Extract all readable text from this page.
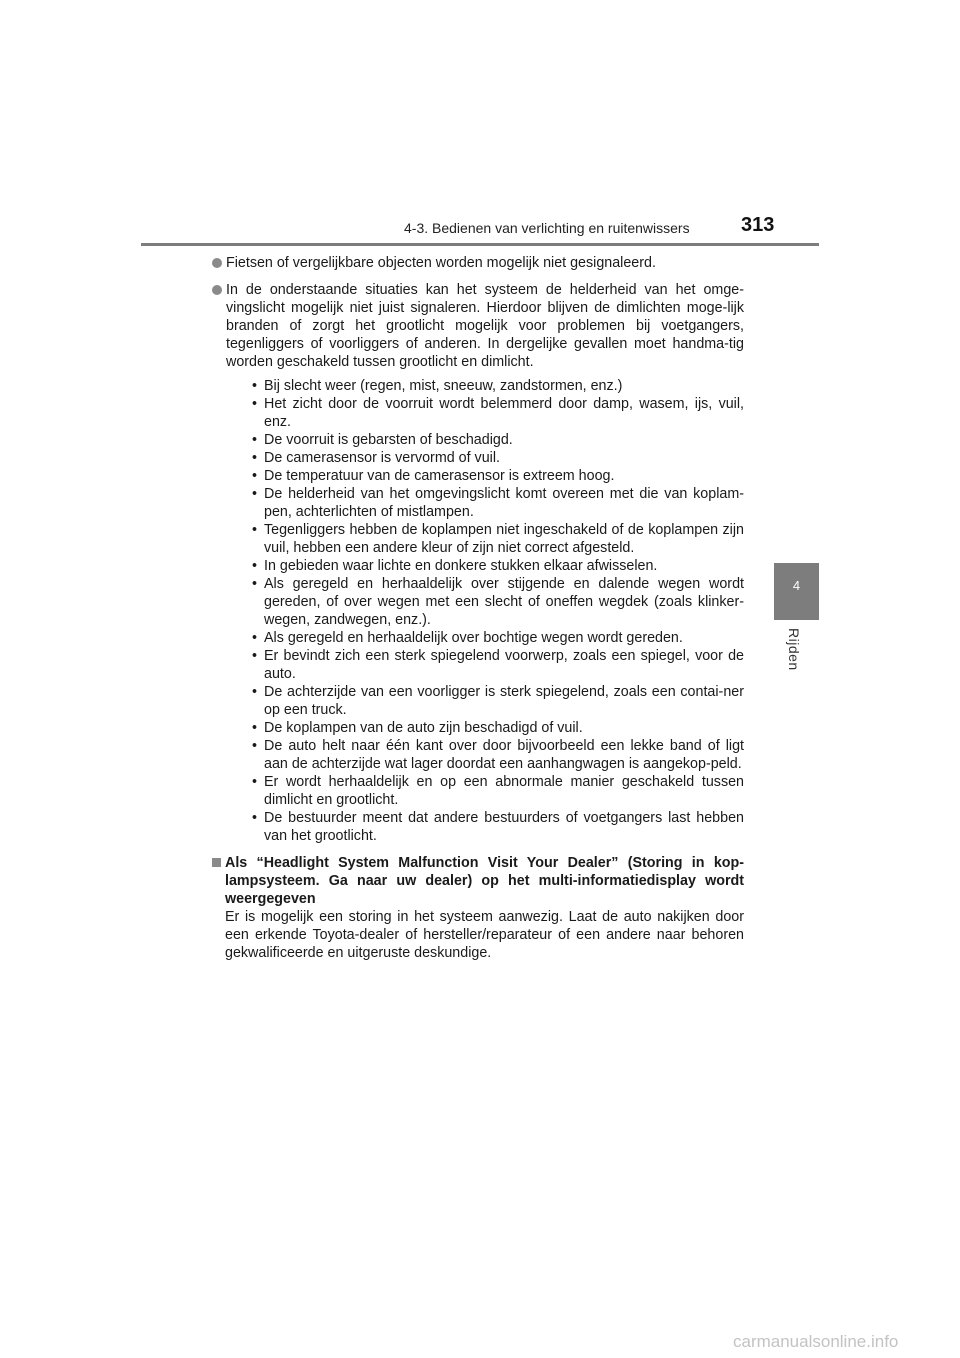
4-3. Bedienen van verlichting en ruitenwissers	313
4
Rijden

Fietsen of vergelijkbare objecten worden mogelijk niet gesignaleerd.

In de onderstaande situaties kan het systeem de helderheid van het omge-vingslicht mogelijk niet juist signaleren. Hierdoor blijven de dimlichten moge-lijk branden of zorgt het grootlicht mogelijk voor problemen bij voetgangers, tegenliggers of voorliggers of anderen. In dergelijke gevallen moet handma-tig worden geschakeld tussen grootlicht en dimlicht.

• Bij slecht weer (regen, mist, sneeuw, zandstormen, enz.)
• Het zicht door de voorruit wordt belemmerd door damp, wasem, ijs, vuil, enz.
• De voorruit is gebarsten of beschadigd.
• De camerasensor is vervormd of vuil.
• De temperatuur van de camerasensor is extreem hoog.
• De helderheid van het omgevingslicht komt overeen met die van koplam-pen, achterlichten of mistlampen.
• Tegenliggers hebben de koplampen niet ingeschakeld of de koplampen zijn vuil, hebben een andere kleur of zijn niet correct afgesteld.
• In gebieden waar lichte en donkere stukken elkaar afwisselen.
• Als geregeld en herhaaldelijk over stijgende en dalende wegen wordt gereden, of over wegen met een slecht of oneffen wegdek (zoals klinker-wegen, zandwegen, enz.).
• Als geregeld en herhaaldelijk over bochtige wegen wordt gereden.
• Er bevindt zich een sterk spiegelend voorwerp, zoals een spiegel, voor de auto.
• De achterzijde van een voorligger is sterk spiegelend, zoals een contai-ner op een truck.
• De koplampen van de auto zijn beschadigd of vuil.
• De auto helt naar één kant over door bijvoorbeeld een lekke band of ligt aan de achterzijde wat lager doordat een aanhangwagen is aangekop-peld.
• Er wordt herhaaldelijk en op een abnormale manier geschakeld tussen dimlicht en grootlicht.
• De bestuurder meent dat andere bestuurders of voetgangers last hebben van het grootlicht.

Als “Headlight System Malfunction Visit Your Dealer” (Storing in kop-lampsysteem. Ga naar uw dealer) op het multi-informatiedisplay wordt weergegeven

Er is mogelijk een storing in het systeem aanwezig. Laat de auto nakijken door een erkende Toyota-dealer of hersteller/reparateur of een andere naar behoren gekwalificeerde en uitgeruste deskundige.

carmanualsonline.info
